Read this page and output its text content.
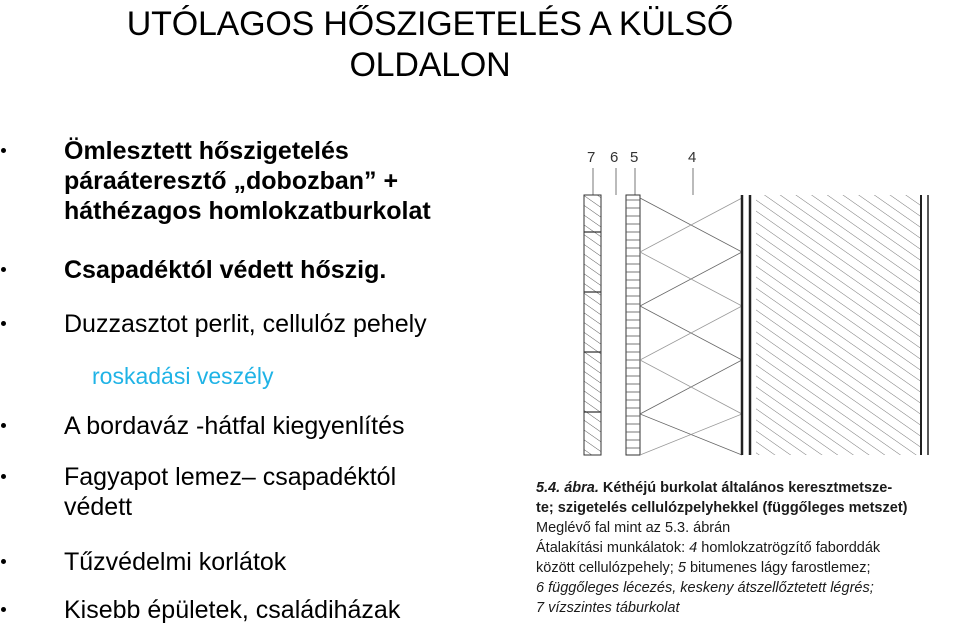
UTÓLAGOS HŐSZIGETELÉS A KÜLSŐ
OLDALON
Ömlesztett hőszigetelés
páraáteresztő „dobozban” +
háthézagos homlokzatburkolat
Csapadéktól védett hőszig.
Duzzasztot perlit, cellulóz pehely
roskadási veszély
A bordaváz -hátfal kiegyenlítés
Fagyapot lemez– csapadéktól
védett
Tűzvédelmi korlátok
Kisebb épületek, családiházak
7 6 5	4
5.4. ábra. Kéthéjú burkolat általános keresztmetsze-
te; szigetelés cellulózpelyhekkel (függőleges metszet)
Meglévő fal mint az 5.3. ábrán
Átalakítási munkálatok: 4 homlokzatrögzítő faborddák
között cellulózpehely; 5 bitumenes lágy farostlemez;
6 függőleges lécezés, keskeny átszellőztetett légrés;
7 vízszintes táburkolat
